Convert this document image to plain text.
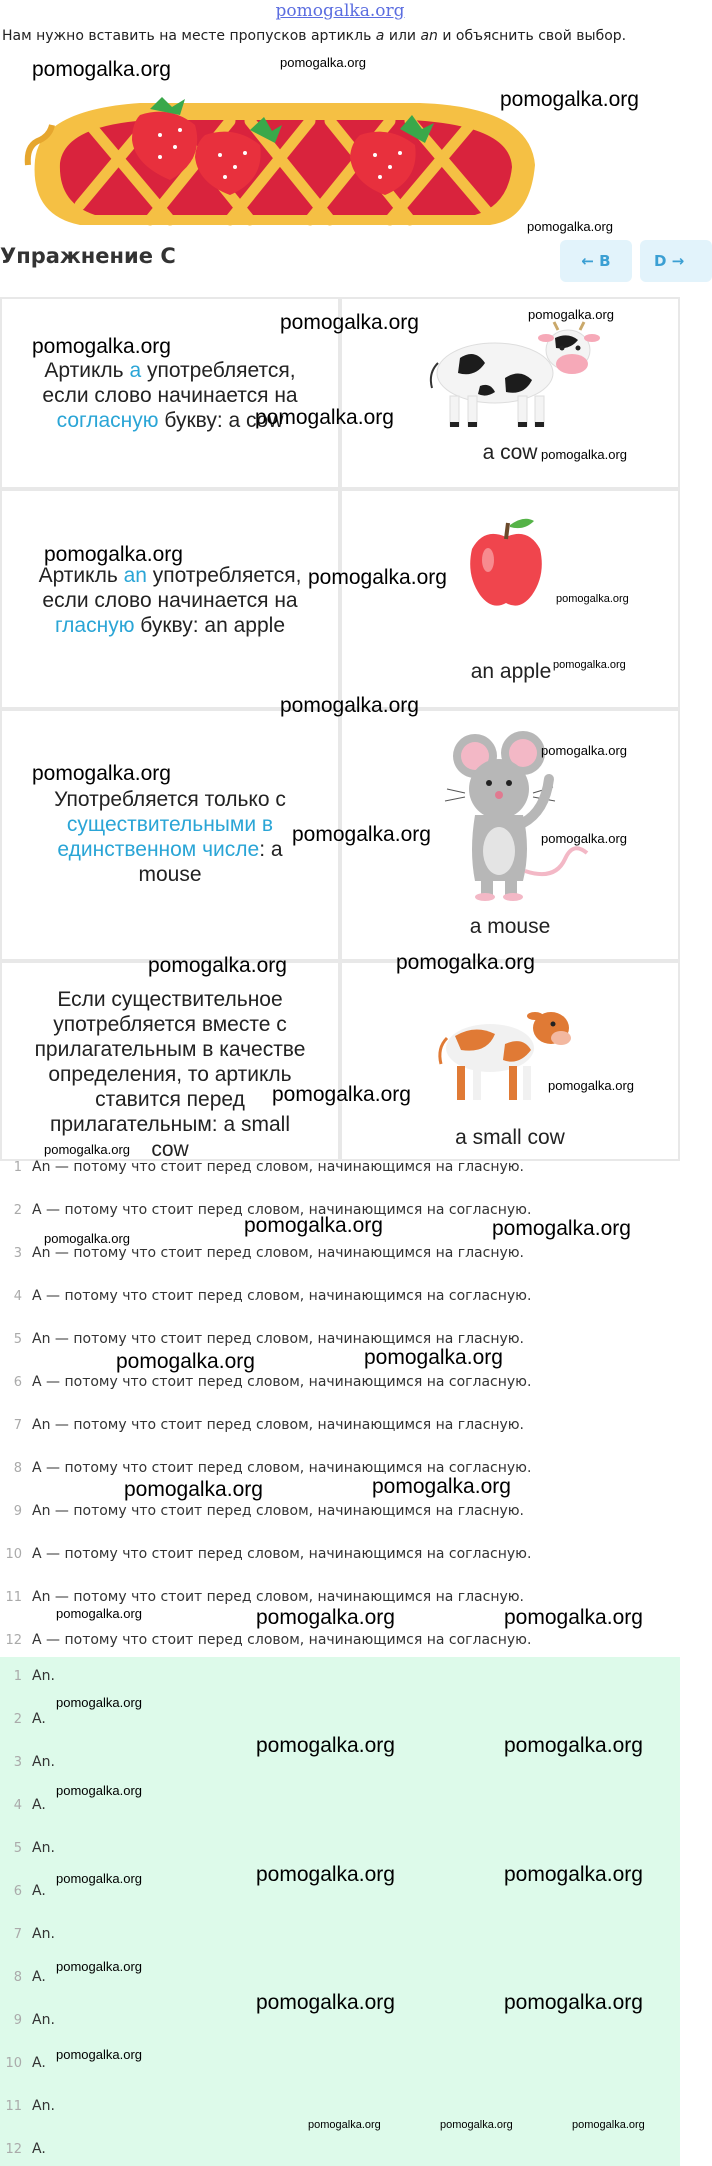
pomogalka.org
Нам нужно вставить на месте пропусков артикль a или an и объяснить свой выбор.
Упражнение С	← B	D →
Артикль a употребляется,
если слово начинается на
согласную букву: a cow
a cow
Артикль an употребляется,
если слово начинается на
гласную букву: an apple
an apple
Употребляется только с
существительными в
единственном числе: a
mouse
a mouse
Если существительное
употребляется вместе с
прилагательным в качестве
определения, то артикль
ставится перед
прилагательным: a small
cow
a small cow
1 An — потому что стоит перед словом, начинающимся на гласную.
2 A — потому что стоит перед словом, начинающимся на согласную.
3 An — потому что стоит перед словом, начинающимся на гласную.
4 A — потому что стоит перед словом, начинающимся на согласную.
5 An — потому что стоит перед словом, начинающимся на гласную.
6 A — потому что стоит перед словом, начинающимся на согласную.
7 An — потому что стоит перед словом, начинающимся на гласную.
8 A — потому что стоит перед словом, начинающимся на согласную.
9 An — потому что стоит перед словом, начинающимся на гласную.
10 A — потому что стоит перед словом, начинающимся на согласную.
11 An — потому что стоит перед словом, начинающимся на гласную.
12 A — потому что стоит перед словом, начинающимся на согласную.
1 An.
2 A.
3 An.
4 A.
5 An.
6 A.
7 An.
8 A.
9 An.
10 A.
11 An.
12 A.
pomogalka.org	pomogalka.org
pomogalka.org
pomogalka.org
pomogalka.org	pomogalka.org
pomogalka.org
pomogalka.org
pomogalka.org
pomogalka.org
pomogalka.org
pomogalka.org
pomogalka.org
pomogalka.org
pomogalka.org
pomogalka.org
pomogalka.org	pomogalka.org
pomogalka.org	pomogalka.org
pomogalka.org	pomogalka.org
pomogalka.org
pomogalka.org	pomogalka.org
pomogalka.org
pomogalka.org	pomogalka.org
pomogalka.org	pomogalka.org
pomogalka.org	pomogalka.org	pomogalka.org
pomogalka.org
pomogalka.org	pomogalka.org
pomogalka.org
pomogalka.org	pomogalka.org	pomogalka.org
pomogalka.org
pomogalka.org	pomogalka.org
pomogalka.org
pomogalka.org	pomogalka.org	pomogalka.org
